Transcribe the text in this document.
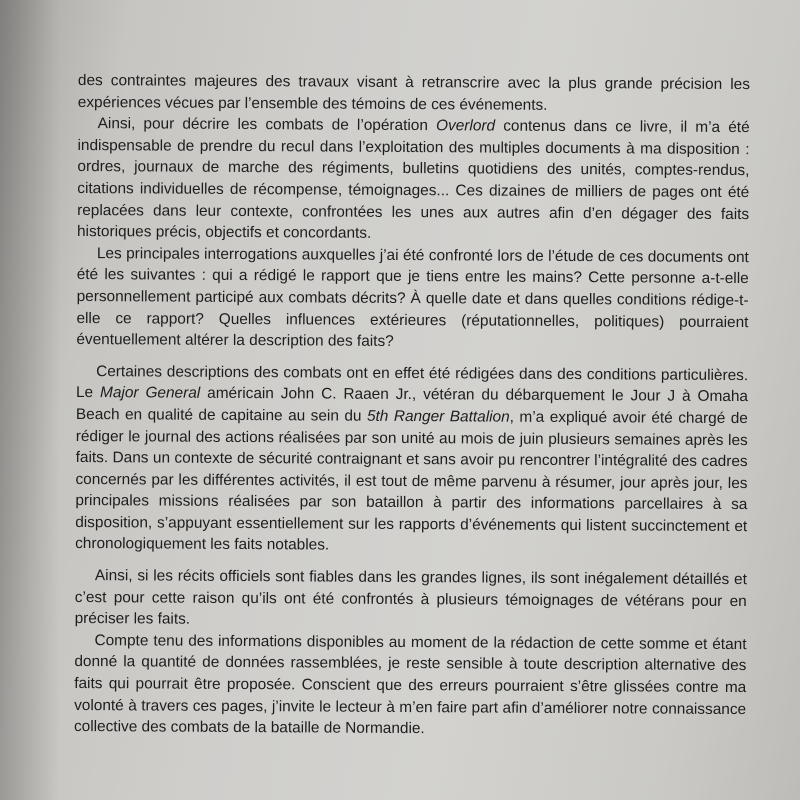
des contraintes majeures des travaux visant à retranscrire avec la plus grande précision les expériences vécues par l’ensemble des témoins de ces événements.

Ainsi, pour décrire les combats de l’opération Overlord contenus dans ce livre, il m’a été indispensable de prendre du recul dans l’exploitation des multiples documents à ma disposition : ordres, journaux de marche des régiments, bulletins quotidiens des unités, comptes-rendus, citations individuelles de récompense, témoignages... Ces dizaines de milliers de pages ont été replacées dans leur contexte, confrontées les unes aux autres afin d’en dégager des faits historiques précis, objectifs et concordants.

Les principales interrogations auxquelles j’ai été confronté lors de l’étude de ces documents ont été les suivantes : qui a rédigé le rapport que je tiens entre les mains? Cette personne a-t-elle personnellement participé aux combats décrits? À quelle date et dans quelles conditions rédige-t-elle ce rapport? Quelles influences extérieures (réputationnelles, politiques) pourraient éventuellement altérer la description des faits?

Certaines descriptions des combats ont en effet été rédigées dans des conditions particulières. Le Major General américain John C. Raaen Jr., vétéran du débarquement le Jour J à Omaha Beach en qualité de capitaine au sein du 5th Ranger Battalion, m’a expliqué avoir été chargé de rédiger le journal des actions réalisées par son unité au mois de juin plusieurs semaines après les faits. Dans un contexte de sécurité contraignant et sans avoir pu rencontrer l’intégralité des cadres concernés par les différentes activités, il est tout de même parvenu à résumer, jour après jour, les principales missions réalisées par son bataillon à partir des informations parcellaires à sa disposition, s’appuyant essentiellement sur les rapports d’événements qui listent succinctement et chronologiquement les faits notables.

Ainsi, si les récits officiels sont fiables dans les grandes lignes, ils sont inégalement détaillés et c’est pour cette raison qu’ils ont été confrontés à plusieurs témoignages de vétérans pour en préciser les faits.

Compte tenu des informations disponibles au moment de la rédaction de cette somme et étant donné la quantité de données rassemblées, je reste sensible à toute description alternative des faits qui pourrait être proposée. Conscient que des erreurs pourraient s’être glissées contre ma volonté à travers ces pages, j’invite le lecteur à m’en faire part afin d’améliorer notre connaissance collective des combats de la bataille de Normandie.
